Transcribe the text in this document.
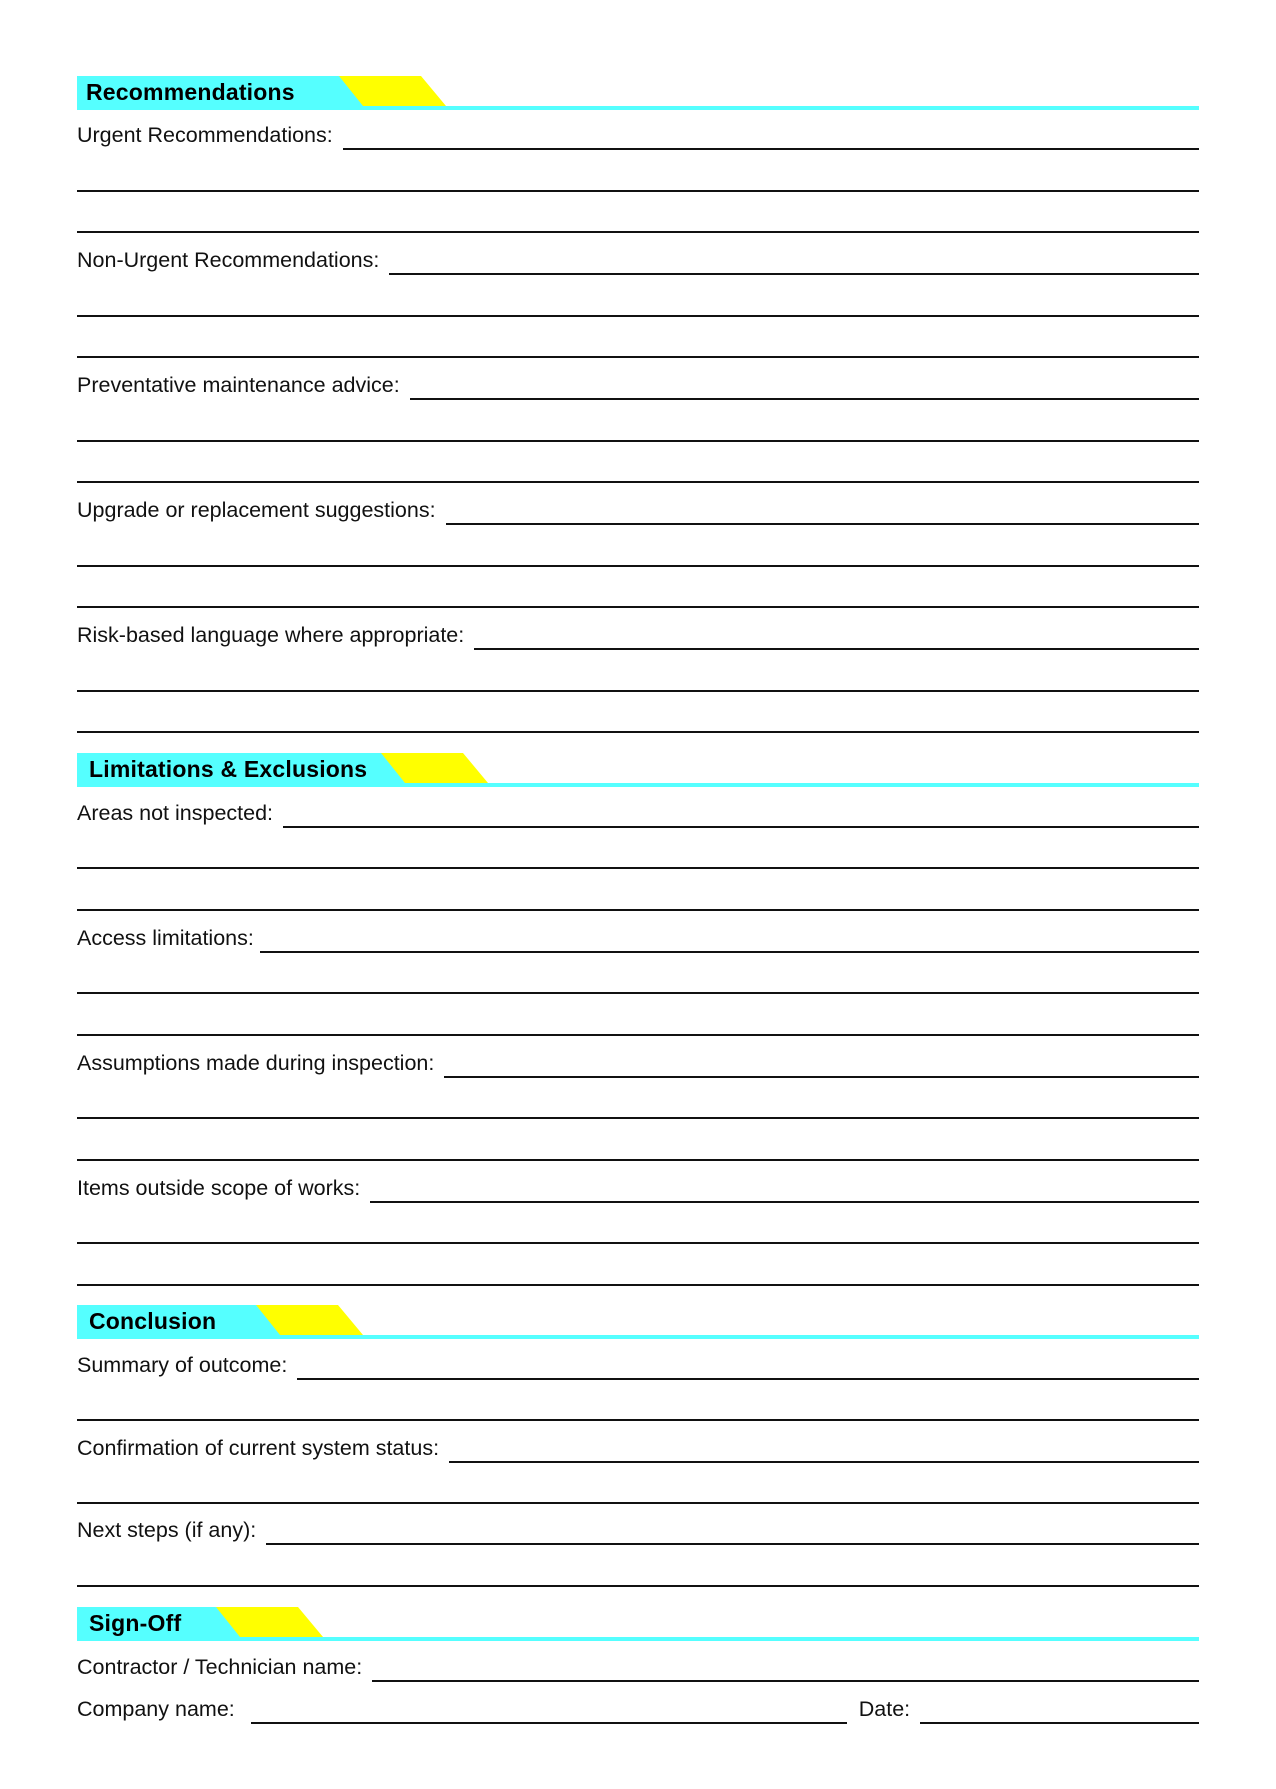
Recommendations
Urgent Recommendations:
Non-Urgent Recommendations:
Preventative maintenance advice:
Upgrade or replacement suggestions:
Risk-based language where appropriate:
Limitations & Exclusions
Areas not inspected:
Access limitations:
Assumptions made during inspection:
Items outside scope of works:
Conclusion
Summary of outcome:
Confirmation of current system status:
Next steps (if any):
Sign-Off
Contractor / Technician name:
Company name:	Date:
